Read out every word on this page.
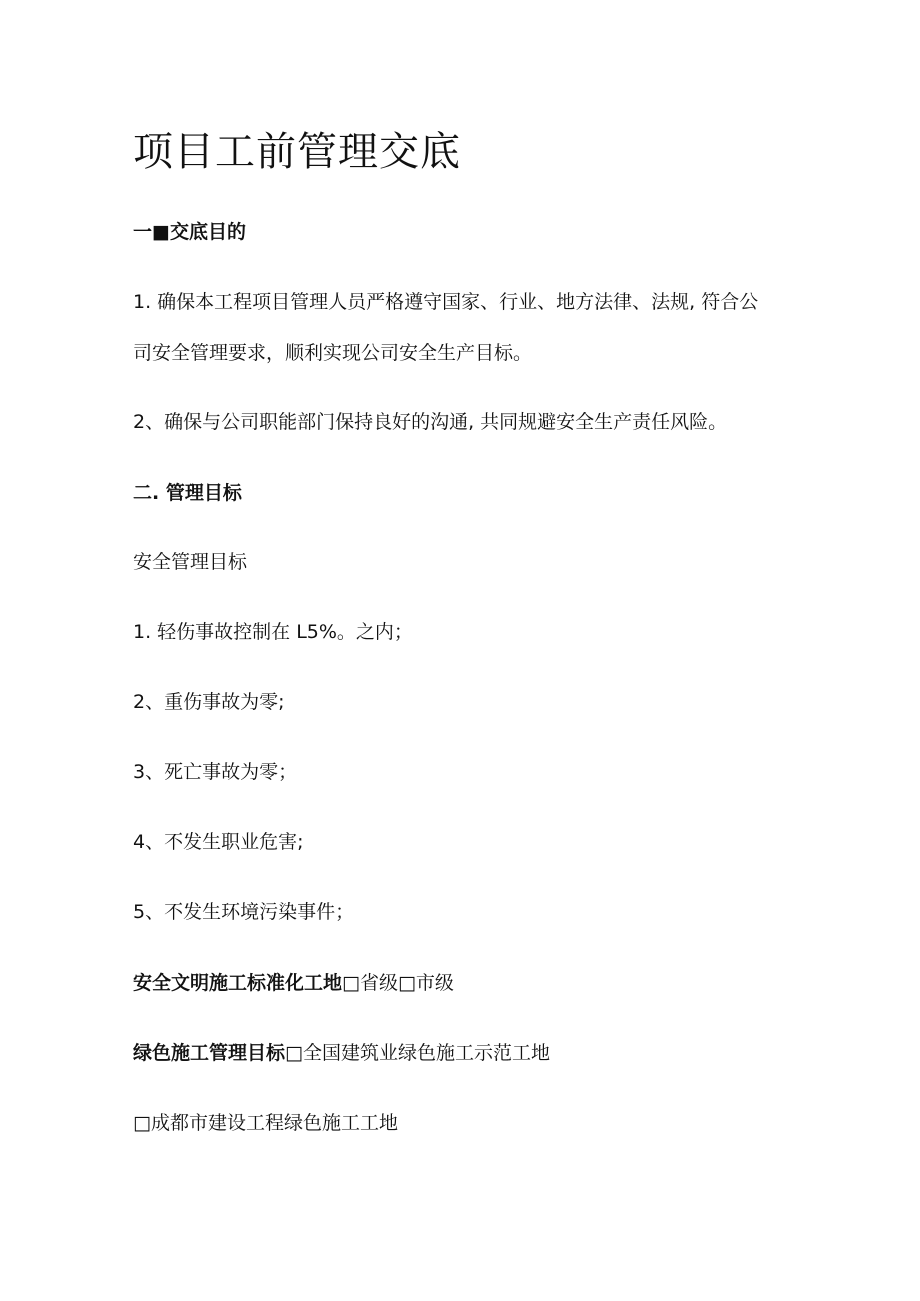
项目工前管理交底
一■交底目的
1. 确保本工程项目管理人员严格遵守国家、行业、地方法律、法规, 符合公
司安全管理要求，顺利实现公司安全生产目标。
2、确保与公司职能部门保持良好的沟通, 共同规避安全生产责任风险。
二. 管理目标
安全管理目标
1. 轻伤事故控制在 L5%。之内；
2、重伤事故为零;
3、死亡事故为零；
4、不发生职业危害;
5、不发生环境污染事件；
安全文明施工标准化工地□省级□市级
绿色施工管理目标□全国建筑业绿色施工示范工地
□成都市建设工程绿色施工工地
